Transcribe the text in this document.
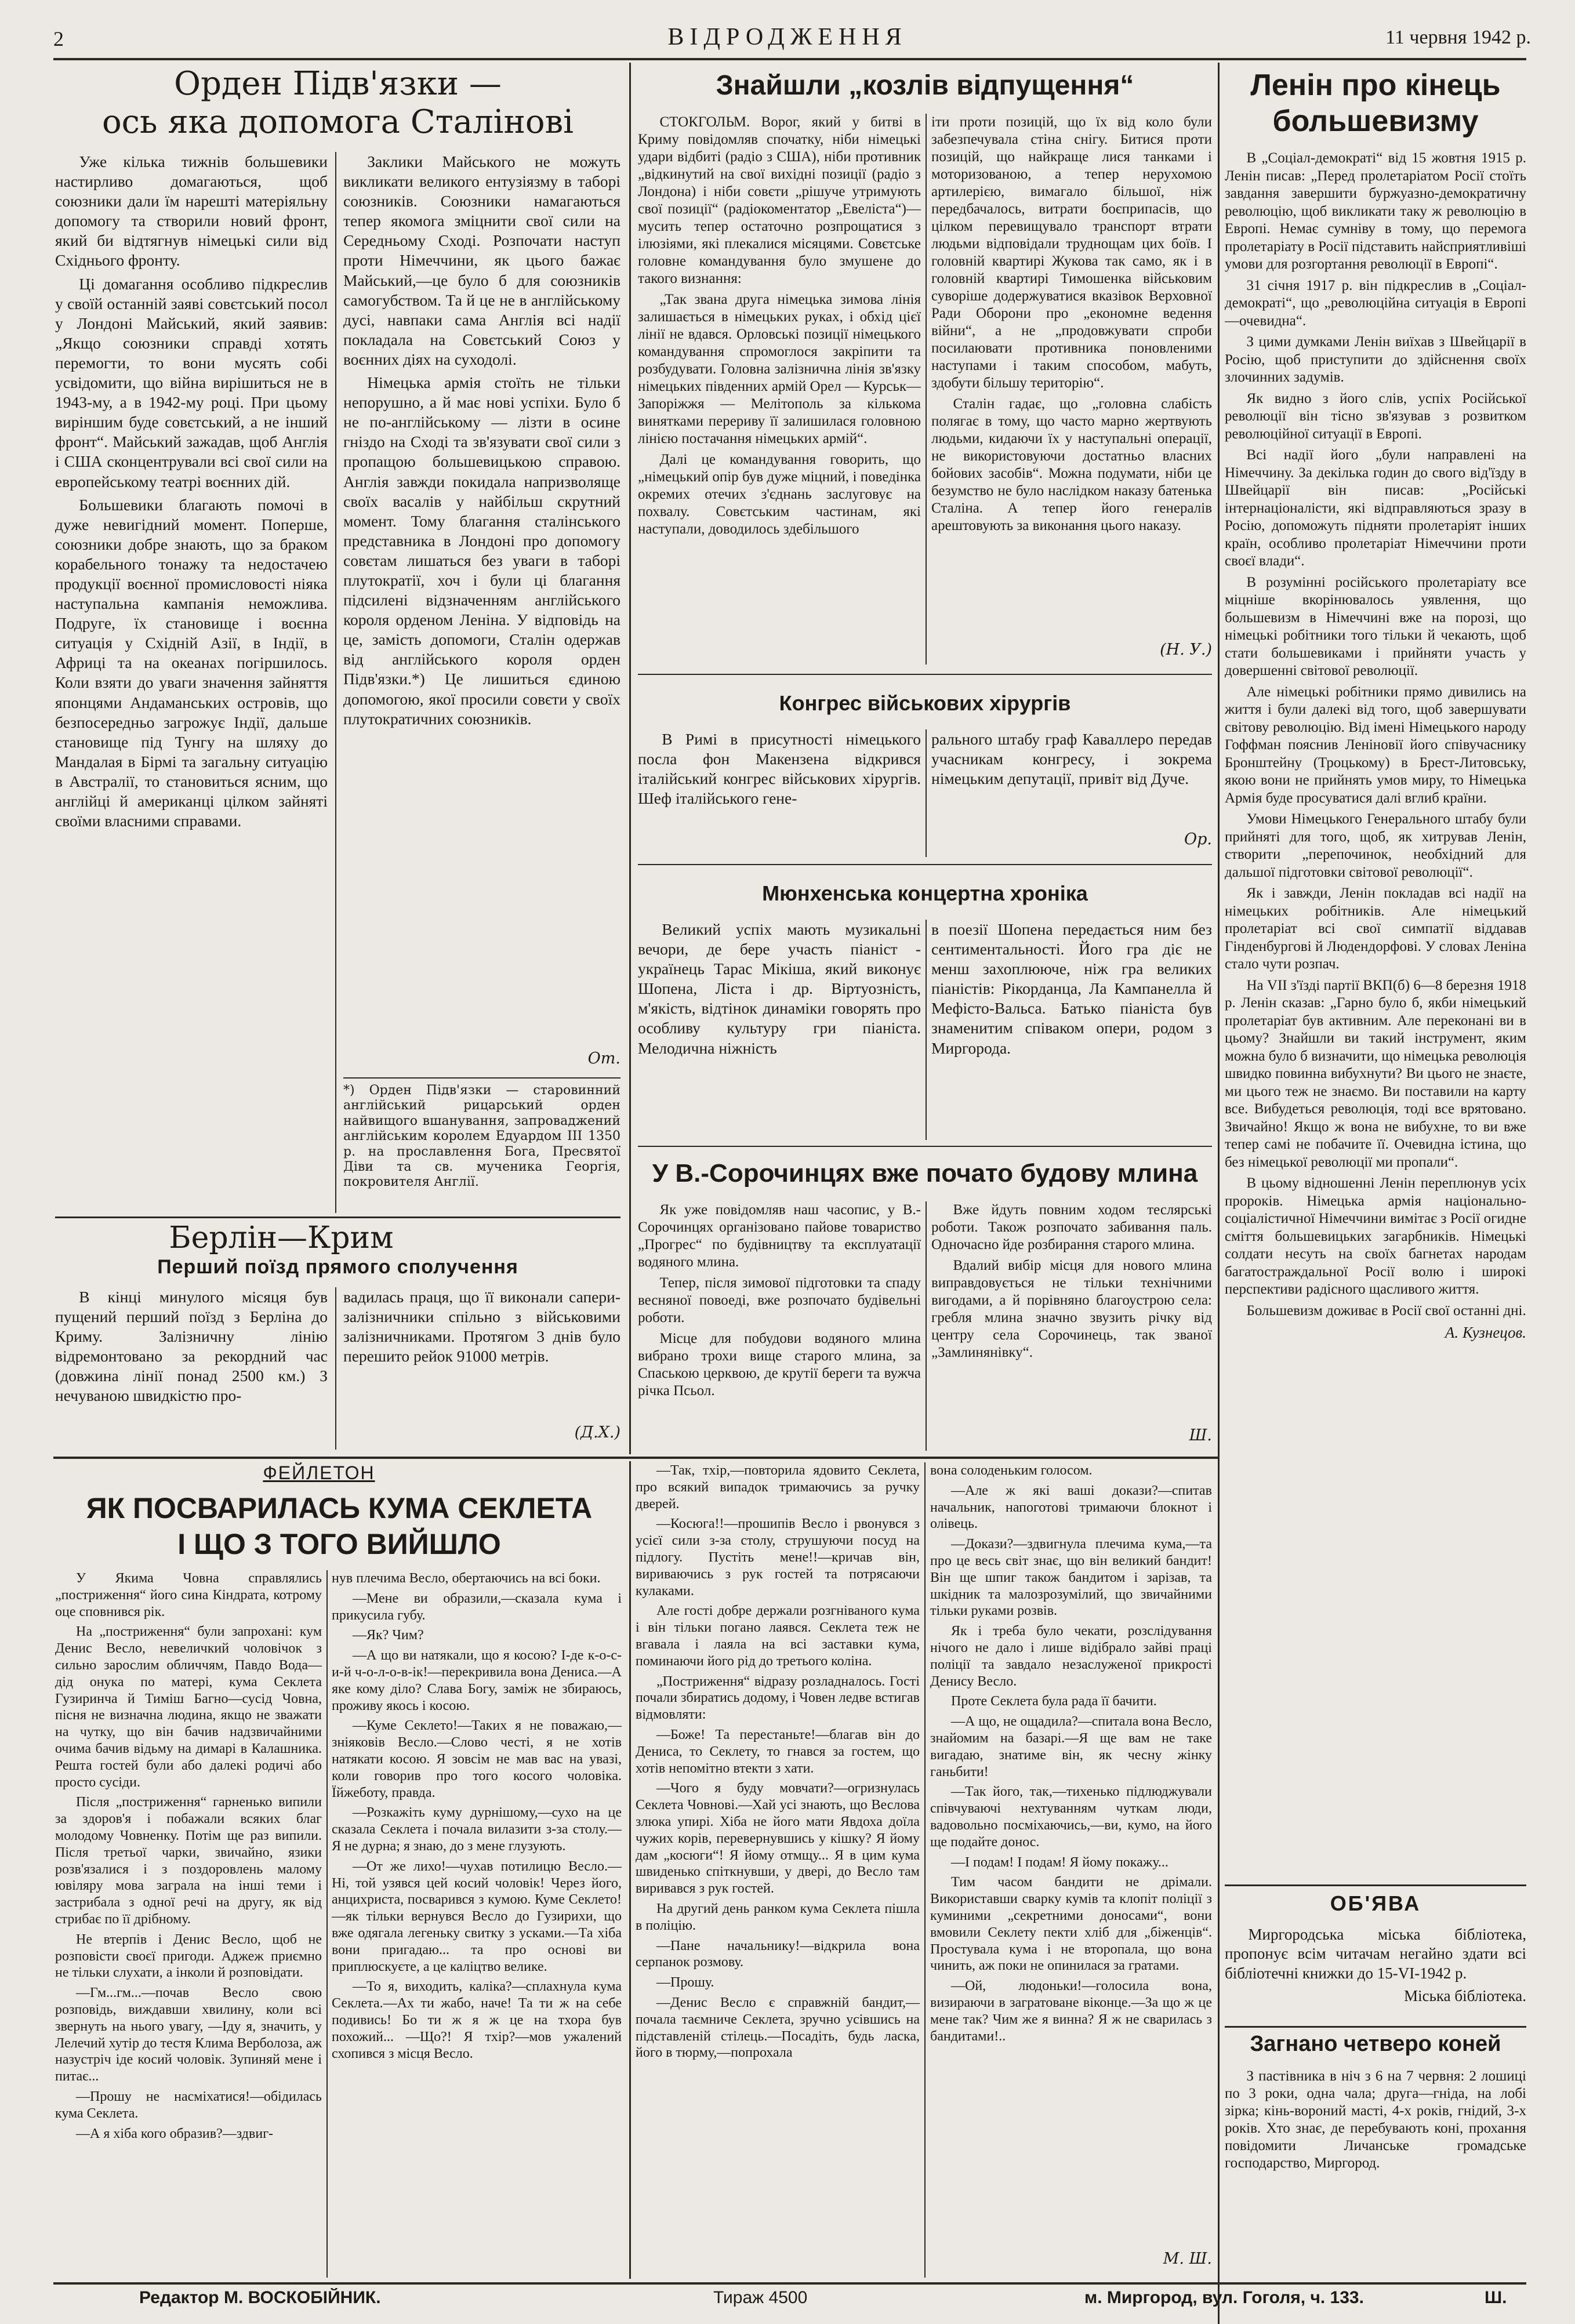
2	ВІДРОДЖЕННЯ	11 червня 1942 р.
Орден Підв'язки —
ось яка допомога Сталінові

Уже кілька тижнів большевики настирливо домагаються, щоб союзники дали їм нарешті матеріяльну допомогу та створили новий фронт, який би відтягнув німецькі сили від Східнього фронту.

Ці домагання особливо підкреслив у своїй останній заяві совєтський посол у Лондоні Майський, який заявив: „Якщо союзники справді хотять перемогти, то вони мусять собі усвідомити, що війна вирішиться не в 1943-му, а в 1942-му році. При цьому виріншим буде совєтський, а не інший фронт“. Майський зажадав, щоб Англія і США сконцентрували всі свої сили на европейському театрі воєнних дій.

Большевики благають помочі в дуже невигідний момент. Поперше, союзники добре знають, що за браком корабельного тонажу та недостачею продукції воєнної промисловості ніяка наступальна кампанія неможлива. Подруге, їх становище і воєнна ситуація у Східній Азії, в Індії, в Африці та на океанах погіршилось. Коли взяти до уваги значення зайняття японцями Андаманських островів, що безпосередньо загрожує Індії, дальше становище під Тунгу на шляху до Мандалая в Бірмі та загальну ситуацію в Австралії, то становиться ясним, що англійці й американці цілком зайняті своїми власними справами.

Заклики Майського не можуть викликати великого ентузіязму в таборі союзників. Союзники намагаються тепер якомога зміцнити свої сили на Середньому Сході. Розпочати наступ проти Німеччини, як цього бажає Майський,—це було б для союзників самогубством. Та й це не в англійському дусі, навпаки сама Англія всі надії покладала на Совєтський Союз у воєнних діях на суходолі.

Німецька армія стоїть не тільки непорушно, а й має нові успіхи. Було б не по-англійському — лізти в осине гніздо на Сході та зв'язувати свої сили з пропащою большевицькою справою. Англія завжди покидала напризволяще своїх васалів у найбільш скрутний момент. Тому благання сталінського представника в Лондоні про допомогу совєтам лишаться без уваги в таборі плутократії, хоч і були ці благання підсилені відзначенням англійського короля орденом Леніна. У відповідь на це, замість допомоги, Сталін одержав від англійського короля орден Підв'язки.*) Це лишиться єдиною допомогою, якої просили совєти у своїх плутократичних союзників.

От.
*) Орден Підв'язки — старовинний англійський рицарський орден найвищого вшанування, запроваджений англійським королем Едуардом III 1350 р. на прославлення Бога, Пресвятої Діви та св. мученика Георгія, покровителя Англії.
Берлін—Крим
Перший поїзд прямого сполучення

В кінці минулого місяця був пущений перший поїзд з Берліна до Криму. Залізничну лінію відремонтовано за рекордний час (довжина лінії понад 2500 км.) З нечуваною швидкістю про-

вадилась праця, що її виконали сапери-залізничники спільно з військовими залізничниками. Протягом 3 днів було перешито рейок 91000 метрів.

(Д.Х.)
Знайшли „козлів відпущення“

СТОКГОЛЬМ. Ворог, який у битві в Криму повідомляв спочатку, ніби німецькі удари відбиті (радіо з США), ніби противник „відкинутий на свої вихідні позиції (радіо з Лондона) і ніби совєти „рішуче утримують свої позиції“ (радіокоментатор „Евеліста“)—мусить тепер остаточно розпрощатися з ілюзіями, які плекалися місяцями. Совєтське головне командування було змушене до такого визнання:

„Так звана друга німецька зимова лінія залишається в німецьких руках, і обхід цієї лінії не вдався. Орловські позиції німецького командування спромоглося закріпити та розбудувати. Головна залізнична лінія зв'язку німецьких південних армій Орел — Курськ—Запоріжжя — Мелітополь за кількома винятками перериву її залишилася головною лінією постачання німецьких армій“.

Далі це командування говорить, що „німецький опір був дуже міцний, і поведінка окремих отечих з'єднань заслуговує на похвалу. Совєтським частинам, які наступали, доводилось здебільшого

іти проти позицій, що їх від коло були забезпечувала стіна снігу. Битися проти позицій, що найкраще лися танками і моторизованою, а тепер нерухомою артилерією, вимагало більшої, ніж передбачалось, витрати боєприпасів, що цілком перевищувало транспорт втрати людьми відповідали труднощам цих боїв. І головній квартирі Жукова так само, як і в головній квартирі Тимошенка військовим суворіше додержуватися вказівок Верховної Ради Оборони про „економне ведення війни“, а не „продовжувати спроби посилаювати противника поновленими наступами і таким способом, мабуть, здобути більшу територію“.

Сталін гадає, що „головна слабість полягає в тому, що часто марно жертвують людьми, кидаючи їх у наступальні операції, не використовуючи достатньо власних бойових засобів“. Можна подумати, ніби це безумство не було наслідком наказу батенька Сталіна. А тепер його генералів арештовують за виконання цього наказу.

(Н. У.)
Конгрес військових хірургів

В Римі в присутності німецького посла фон Макензена відкрився італійський конгрес військових хірургів. Шеф італійського гене-

рального штабу граф Каваллеро передав учасникам конгресу, і зокрема німецьким депутації, привіт від Дуче.

Ор.
Мюнхенська концертна хроніка

Великий успіх мають музикальні вечори, де бере участь піаніст - українець Тарас Мікіша, який виконує Шопена, Ліста і др. Віртуозність, м'якість, відтінок динаміки говорять про особливу культуру гри піаніста. Мелодична ніжність

в поезії Шопена передається ним без сентиментальності. Його гра діє не менш захоплююче, ніж гра великих піаністів: Рікорданца, Ла Кампанелла й Мефісто-Вальса. Батько піаніста був знаменитим співаком опери, родом з Миргорода.

У В.-Сорочинцях вже почато будову млина

Як уже повідомляв наш часопис, у В.-Сорочинцях організовано пайове товариство „Прогрес“ по будівництву та експлуатації водяного млина.

Тепер, після зимової підготовки та спаду весняної повоеді, вже розпочато будівельні роботи.

Місце для побудови водяного млина вибрано трохи вище старого млина, за Спаською церквою, де крутії береги та вужча річка Псьол.

Вже йдуть повним ходом теслярські роботи. Також розпочато забивання паль. Одночасно йде розбирання старого млина.

Вдалий вибір місця для нового млина виправдовується не тільки технічними вигодами, а й порівняно благоустрою села: гребля млина значно звузить річку від центру села Сорочинець, так званої „Замлинянівку“.

Ш.
Ленін про кінець
большевизму

В „Соціал-демократі“ від 15 жовтня 1915 р. Ленін писав: „Перед пролетаріатом Росії стоїть завдання завершити буржуазно-демократичну революцію, щоб викликати таку ж революцію в Европі. Немає сумніву в тому, що перемога пролетаріату в Росії підставить найсприятливіші умови для розгортання революції в Европі“.

31 січня 1917 р. він підкреслив в „Соціал-демократі“, що „революційна ситуація в Европі—очевидна“.

З цими думками Ленін виїхав з Швейцарії в Росію, щоб приступити до здійснення своїх злочинних задумів.

Як видно з його слів, успіх Російської революції він тісно зв'язував з розвитком революційної ситуації в Европі.

Всі надії його „були направлені на Німеччину. За декілька годин до свого від'їзду в Швейцарії він писав: „Російські інтернаціоналісти, які відправляються зразу в Росію, допоможуть підняти пролетаріят інших країн, особливо пролетаріат Німеччини проти своєї влади“.

В розумінні російського пролетаріату все міцніше вкорінювалось уявлення, що большевизм в Німеччині вже на порозі, що німецькі робітники того тільки й чекають, щоб стати большевиками і прийняти участь у довершенні світової революції.

Але німецькі робітники прямо дивились на життя і були далекі від того, щоб завершувати світову революцію. Від імені Німецького народу Гоффман пояснив Леніновії його співучаснику Бронштейну (Троцькому) в Брест-Литовську, якою вони не прийнять умов миру, то Німецька Армія буде просуватися далі вглиб країни.

Умови Німецького Генерального штабу були прийняті для того, щоб, як хитрував Ленін, створити „перепочинок, необхідний для дальшої підготовки світової революції“.

Як і завжди, Ленін покладав всі надії на німецьких робітників. Але німецький пролетаріат всі свої симпатії віддавав Гінденбургові й Людендорфові. У словах Леніна стало чути розпач.

На VII з'їзді партії ВКП(б) 6—8 березня 1918 р. Ленін сказав: „Гарно було б, якби німецький пролетаріат був активним. Але переконані ви в цьому? Знайшли ви такий інструмент, яким можна було б визначити, що німецька революція швидко повинна вибухнути? Ви цього не знаєте, ми цього теж не знаємо. Ви поставили на карту все. Вибудеться революція, тоді все врятовано. Звичайно! Якщо ж вона не вибухне, то ви вже тепер самі не побачите її. Очевидна істина, що без німецької революції ми пропали“.

В цьому відношенні Ленін переплюнув усіх пророків. Німецька армія національно-соціалістичної Німеччини вимітає з Росії огидне сміття большевицьких загарбників. Німецькі солдати несуть на своїх багнетах народам багатостраждальної Росії волю і широкі перспективи радісного щасливого життя.

Большевизм доживає в Росії свої останні дні.

А. Кузнецов.
ОБ'ЯВА

Миргородська міська бібліотека, пропонує всім читачам негайно здати всі бібліотечні книжки до 15-VI-1942 р.

Міська бібліотека.
Загнано четверо коней

З пастівника в ніч з 6 на 7 червня: 2 лошиці по 3 роки, одна чала; друга—гніда, на лобі зірка; кінь-вороний масті, 4-х років, гнідий, 3-х років. Хто знає, де перебувають коні, прохання повідомити Личанське громадське господарство, Миргород.

ФЕЙЛЕТОН
ЯК ПОСВАРИЛАСЬ КУМА СЕКЛЕТА
І ЩО З ТОГО ВИЙШЛО

У Якима Човна справлялись „постриження“ його сина Кіндрата, котрому оце сповнився рік.

На „постриження“ були запрохані: кум Денис Весло, невеличкий чоловічок з сильно зарослим обличчям, Павдо Вода—дід онука по матері, кума Секлета Гузиринча й Тиміш Багно—сусід Човна, пісня не визначна людина, якщо не зважати на чутку, що він бачив надзвичайними очима бачив відьму на димарі в Калашника. Решта гостей були або далекі родичі або просто сусіди.

Після „постриження“ гарненько випили за здоров'я і побажали всяких благ молодому Човненку. Потім ще раз випили. Після третьої чарки, звичайно, язики розв'язалися і з поздоровлень малому ювіляру мова заграла на інші теми і застрибала з одної речі на другу, як від стрибає по її дрібному.

Не втерпів і Денис Весло, щоб не розповісти своєї пригоди. Аджеж приємно не тільки слухати, а інколи й розповідати.

—Гм...гм...—почав Весло свою розповідь, виждавши хвилину, коли всі звернуть на нього увагу, —Іду я, значить, у Лелечий хутір до тестя Клима Верболоза, аж назустріч іде косий чоловік. Зупиняй мене і питає...

—Прошу не насміхатися!—обідилась кума Секлета.

—А я хіба кого образив?—здвиг-

нув плечима Весло, обертаючись на всі боки.

—Мене ви образили,—сказала кума і прикусила губу.

—Як? Чим?

—А що ви натякали, що я косою? І-де к-о-с-и-й ч-о-л-о-в-ік!—перекривила вона Дениса.—А яке кому діло? Слава Богу, заміж не збираюсь, проживу якось і косою.

—Куме Секлето!—Таких я не поважаю,—зніяковів Весло.—Слово честі, я не хотів натякати косою. Я зовсім не мав вас на увазі, коли говорив про того косого чоловіка. Їйжеботу, правда.

—Розкажіть куму дурнішому,—сухо на це сказала Секлета і почала вилазити з-за столу.—Я не дурна; я знаю, до з мене глузують.

—От же лихо!—чухав потилицю Весло.—Ні, той узявся цей косий чоловік! Через його, анцихриста, посварився з кумою. Куме Секлето!—як тільки вернувся Весло до Гузирихи, що вже одягала легеньку свитку з усками.—Та хіба вони пригадаю... та про основі ви приплюскуєте, а це каліцтво велике.

—То я, виходить, каліка?—сплахнула кума Секлета.—Ах ти жабо, наче! Та ти ж на себе подивись! Бо ти ж я ж це на тхора був похожий... —Що?! Я тхір?—мов ужалений схопився з місця Весло.

—Так, тхір,—повторила ядовито Секлета, про всякий випадок тримаючись за ручку дверей.

—Косюга!!—прошипів Весло і рвонувся з усієї сили з-за столу, струшуючи посуд на підлогу. Пустіть мене!!—кричав він, вириваючись з рук гостей та потрясаючи кулаками.

Але гості добре держали розгніваного кума і він тільки погано лаявся. Секлета теж не вгавала і лаяла на всі заставки кума, поминаючи його рід до третього коліна.

„Постриження“ відразу розладналось. Гості почали збиратись додому, і Човен ледве встигав відмовляти:

—Боже! Та перестаньте!—благав він до Дениса, то Секлету, то гнався за гостем, що хотів непомітно втекти з хати.

—Чого я буду мовчати?—огризнулась Секлета Човнові.—Хай усі знають, що Веслова злюка упирі. Хіба не його мати Явдоха доїла чужих корів, перевернувшись у кішку? Я йому дам „косюги“! Я йому отмщу... Я в цим кума швиденько спіткнувши, у двері, до Весло там виривався з рук гостей.

На другий день ранком кума Секлета пішла в поліцію.

—Пане начальнику!—відкрила вона серпанок розмову.

—Прошу.

—Денис Весло є справжній бандит,—почала таємниче Секлета, зручно усівшись на підставленій стілець.—Посадіть, будь ласка, його в тюрму,—попрохала

вона солоденьким голосом.

—Але ж які ваші докази?—спитав начальник, напоготові тримаючи блокнот і олівець.

—Докази?—здвигнула плечима кума,—та про це весь світ знає, що він великий бандит! Він ще шпиг також бандитом і зарізав, та шкідник та малозрозумілий, що звичайними тільки руками розвів.

Як і треба було чекати, розслідування нічого не дало і лише відібрало зайві праці поліції та завдало незаслуженої прикрості Денису Весло.

Проте Секлета була рада її бачити.

—А що, не ощадила?—спитала вона Весло, знайомим на базарі.—Я ще вам не таке вигадаю, знатиме він, як чесну жінку ганьбити!

—Так його, так,—тихенько підлюджували співчуваючі нехтуванням чуткам люди, вадовольно посміхаючись,—ви, кумо, на його ще подайте донос.

—І подам! І подам! Я йому покажу...

Тим часом бандити не дрімали. Використавши сварку кумів та клопіт поліції з куминими „секретними доносами“, вони вмовили Секлету пекти хліб для „біженців“. Простувала кума і не второпала, що вона чинить, аж поки не опинилася за гратами.

—Ой, людоньки!—голосила вона, визираючи в загратоване віконце.—За що ж це мене так? Чим же я винна? Я ж не сварилась з бандитами!..

М. Ш.
Редактор М. ВОСКОБІЙНИК.	Тираж 4500	м. Миргород, вул. Гоголя, ч. 133.	Ш.
